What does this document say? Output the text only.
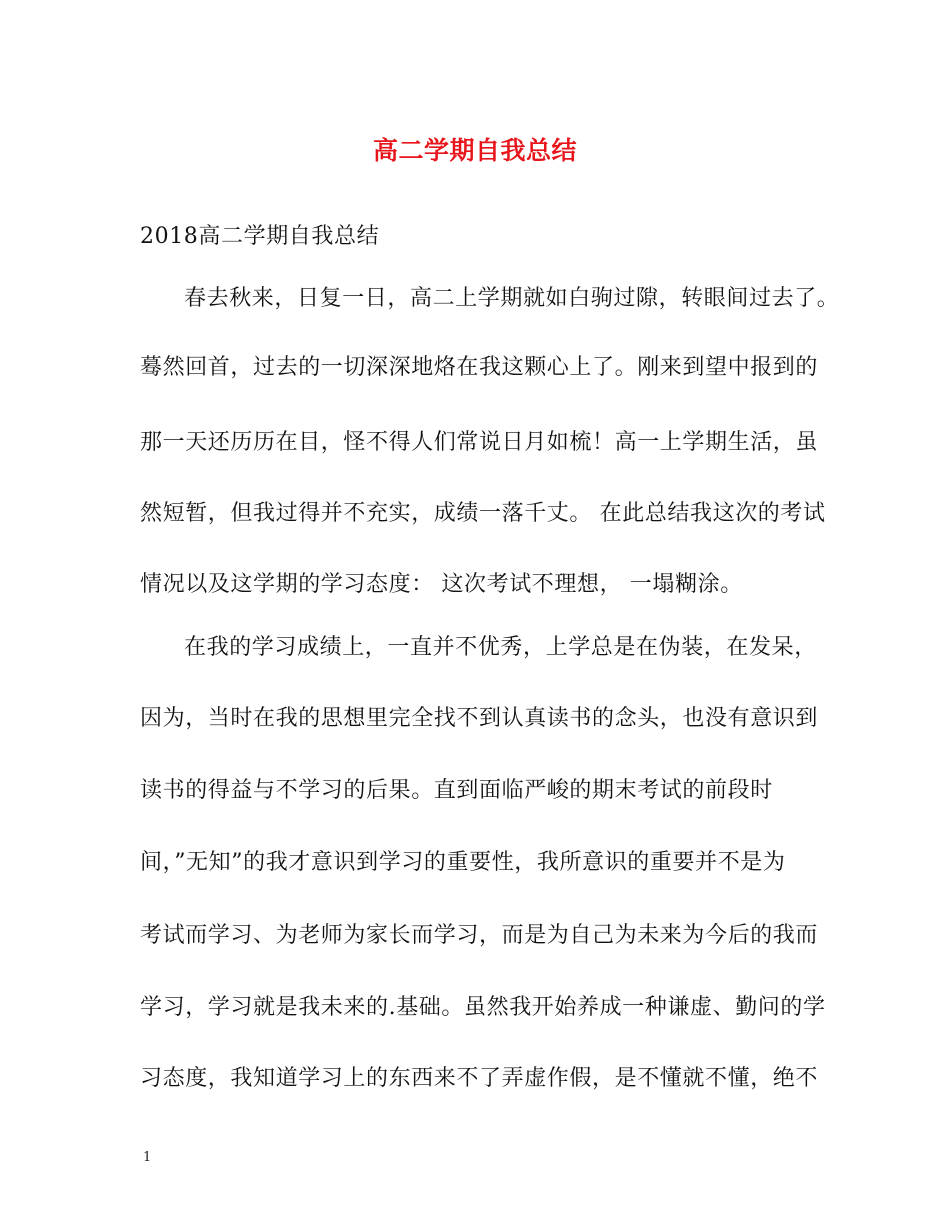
高二学期自我总结
2018高二学期自我总结
春去秋来，日复一日，高二上学期就如白驹过隙，转眼间过去了。
蓦然回首，过去的一切深深地烙在我这颗心上了。刚来到望中报到的
那一天还历历在目，怪不得人们常说日月如梳！高一上学期生活，虽
然短暂，但我过得并不充实，成绩一落千丈。 在此总结我这次的考试
情况以及这学期的学习态度： 这次考试不理想， 一塌糊涂。
在我的学习成绩上，一直并不优秀，上学总是在伪装，在发呆，
因为，当时在我的思想里完全找不到认真读书的念头，也没有意识到
读书的得益与不学习的后果。直到面临严峻的期末考试的前段时
间，”无知”的我才意识到学习的重要性，我所意识的重要并不是为
考试而学习、为老师为家长而学习，而是为自己为未来为今后的我而
学习，学习就是我未来的.基础。虽然我开始养成一种谦虚、勤问的学
习态度，我知道学习上的东西来不了弄虚作假，是不懂就不懂，绝不
1
